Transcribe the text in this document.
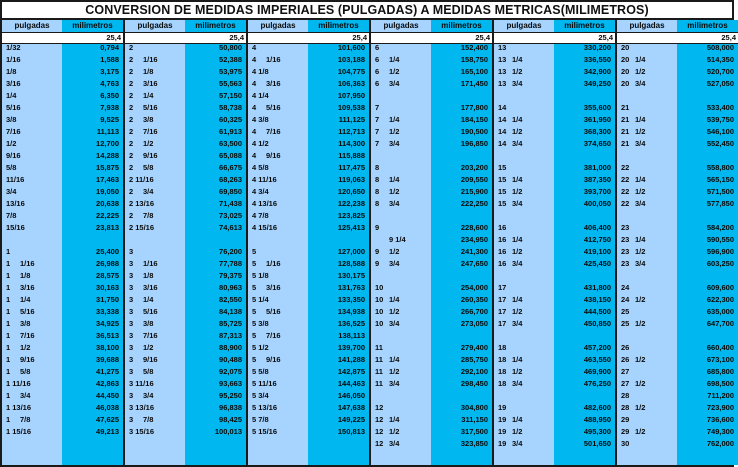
CONVERSION DE MEDIDAS IMPERIALES (PULGADAS) A MEDIDAS METRICAS(MILIMETROS)
pulgadas	milimetros
25,4
1/32	0,794
1/16	1,588
1/8	3,175
3/16	4,763
1/4	6,350
5/16	7,938
3/8	9,525
7/16	11,113
1/2	12,700
9/16	14,288
5/8	15,875
11/16	17,463
3/4	19,050
13/16	20,638
7/8	22,225
15/16	23,813
1	25,400
1 1/16	26,988
1 1/8	28,575
1 3/16	30,163
1 1/4	31,750
1 5/16	33,338
1 3/8	34,925
1 7/16	36,513
1 1/2	38,100
1 9/16	39,688
1 5/8	41,275
1 11/16	42,863
1 3/4	44,450
1 13/16	46,038
1 7/8	47,625
1 15/16	49,213
pulgadas	milimetros
25,4
2	50,800
2 1/16	52,388
2 1/8	53,975
2 3/16	55,563
2 1/4	57,150
2 5/16	58,738
2 3/8	60,325
2 7/16	61,913
2 1/2	63,500
2 9/16	65,088
2 5/8	66,675
2 11/16	68,263
2 3/4	69,850
2 13/16	71,438
2 7/8	73,025
2 15/16	74,613
3	76,200
3 1/16	77,788
3 1/8	79,375
3 3/16	80,963
3 1/4	82,550
3 5/16	84,138
3 3/8	85,725
3 7/16	87,313
3 1/2	88,900
3 9/16	90,488
3 5/8	92,075
3 11/16	93,663
3 3/4	95,250
3 13/16	96,838
3 7/8	98,425
3 15/16	100,013
pulgadas	milimetros
25,4
4	101,600
4 1/16	103,188
4 1/8	104,775
4 3/16	106,363
4 1/4	107,950
4 5/16	109,538
4 3/8	111,125
4 7/16	112,713
4 1/2	114,300
4 9/16	115,888
4 5/8	117,475
4 11/16	119,063
4 3/4	120,650
4 13/16	122,238
4 7/8	123,825
4 15/16	125,413
5	127,000
5 1/16	128,588
5 1/8	130,175
5 3/16	131,763
5 1/4	133,350
5 5/16	134,938
5 3/8	136,525
5 7/16	138,113
5 1/2	139,700
5 9/16	141,288
5 5/8	142,875
5 11/16	144,463
5 3/4	146,050
5 13/16	147,638
5 7/8	149,225
5 15/16	150,813
pulgadas	milimetros
25,4
6	152,400
6 1/4	158,750
6 1/2	165,100
6 3/4	171,450
7	177,800
7 1/4	184,150
7 1/2	190,500
7 3/4	196,850
8	203,200
8 1/4	209,550
8 1/2	215,900
8 3/4	222,250
9	228,600
9 1/4	234,950
9 1/2	241,300
9 3/4	247,650
10	254,000
10 1/4	260,350
10 1/2	266,700
10 3/4	273,050
11	279,400
11 1/4	285,750
11 1/2	292,100
11 3/4	298,450
12	304,800
12 1/4	311,150
12 1/2	317,500
12 3/4	323,850
pulgadas	milimetros
25,4
13	330,200
13 1/4	336,550
13 1/2	342,900
13 3/4	349,250
14	355,600
14 1/4	361,950
14 1/2	368,300
14 3/4	374,650
15	381,000
15 1/4	387,350
15 1/2	393,700
15 3/4	400,050
16	406,400
16 1/4	412,750
16 1/2	419,100
16 3/4	425,450
17	431,800
17 1/4	438,150
17 1/2	444,500
17 3/4	450,850
18	457,200
18 1/4	463,550
18 1/2	469,900
18 3/4	476,250
19	482,600
19 1/4	488,950
19 1/2	495,300
19 3/4	501,650
pulgadas	milimetros
25,4
20	508,000
20 1/4	514,350
20 1/2	520,700
20 3/4	527,050
21	533,400
21 1/4	539,750
21 1/2	546,100
21 3/4	552,450
22	558,800
22 1/4	565,150
22 1/2	571,500
22 3/4	577,850
23	584,200
23 1/4	590,550
23 1/2	596,900
23 3/4	603,250
24	609,600
24 1/2	622,300
25	635,000
25 1/2	647,700
26	660,400
26 1/2	673,100
27	685,800
27 1/2	698,500
28	711,200
28 1/2	723,900
29	736,600
29 1/2	749,300
30	762,000
